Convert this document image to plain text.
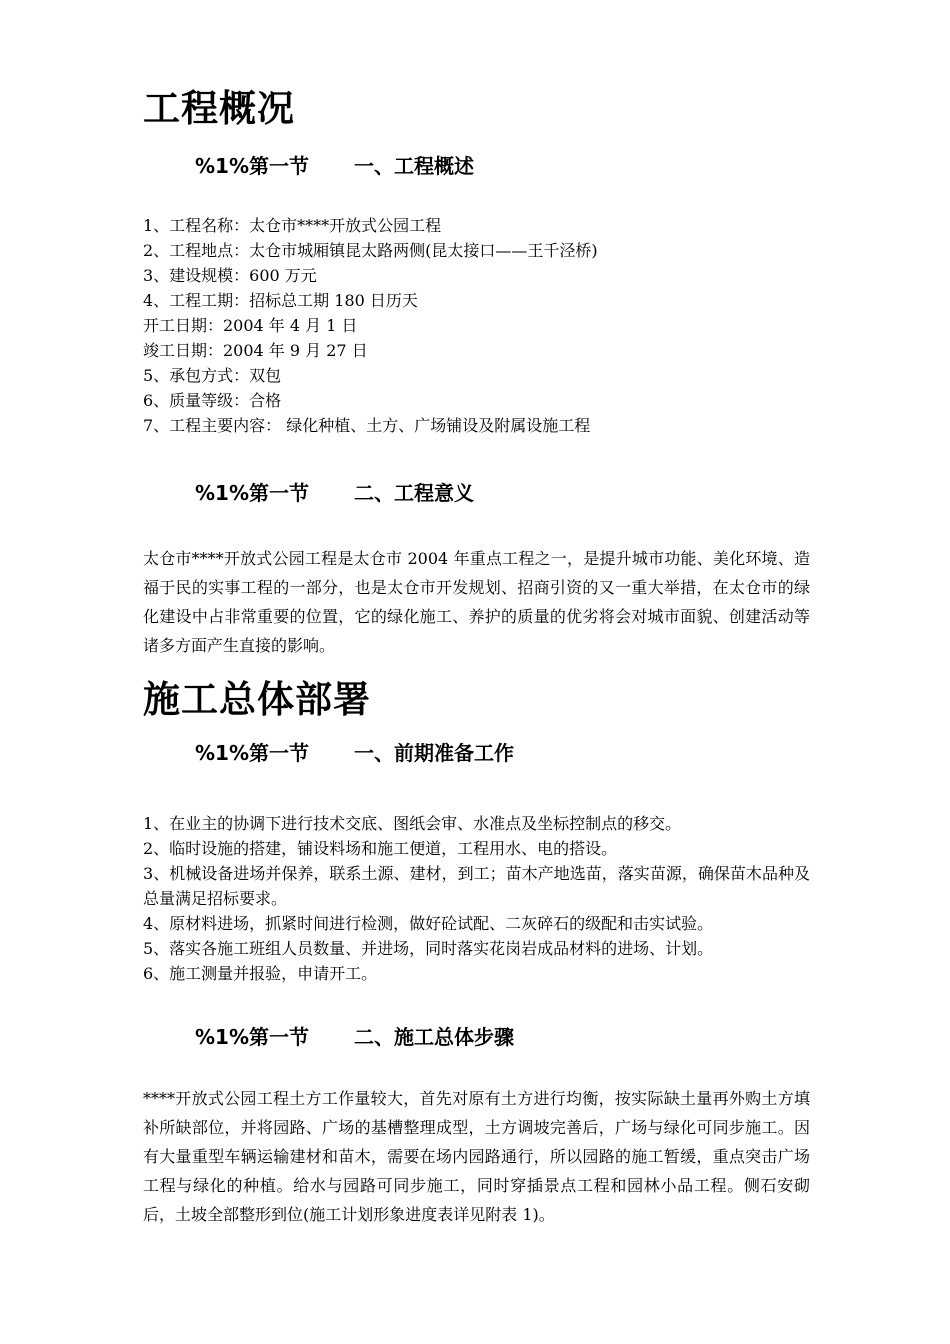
工程概况
%1%第一节 一、工程概述

1、工程名称：太仓市****开放式公园工程

2、工程地点：太仓市城厢镇昆太路两侧(昆太接口——王千泾桥)

3、建设规模：600 万元

4、工程工期：招标总工期 180 日历天

开工日期：2004 年 4 月 1 日

竣工日期：2004 年 9 月 27 日

5、承包方式：双包

6、质量等级：合格

7、工程主要内容： 绿化种植、土方、广场铺设及附属设施工程

%1%第一节 二、工程意义

太仓市****开放式公园工程是太仓市 2004 年重点工程之一，是提升城市功能、美化环境、造福于民的实事工程的一部分，也是太仓市开发规划、招商引资的又一重大举措，在太仓市的绿化建设中占非常重要的位置，它的绿化施工、养护的质量的优劣将会对城市面貌、创建活动等诸多方面产生直接的影响。

施工总体部署
%1%第一节 一、前期准备工作

1、在业主的协调下进行技术交底、图纸会审、水准点及坐标控制点的移交。

2、临时设施的搭建，铺设料场和施工便道，工程用水、电的搭设。

3、机械设备进场并保养，联系土源、建材，到工；苗木产地选苗，落实苗源，确保苗木品种及总量满足招标要求。

4、原材料进场，抓紧时间进行检测，做好砼试配、二灰碎石的级配和击实试验。

5、落实各施工班组人员数量、并进场，同时落实花岗岩成品材料的进场、计划。

6、施工测量并报验，申请开工。

%1%第一节 二、施工总体步骤

****开放式公园工程土方工作量较大，首先对原有土方进行均衡，按实际缺土量再外购土方填补所缺部位，并将园路、广场的基槽整理成型，土方调坡完善后，广场与绿化可同步施工。因有大量重型车辆运输建材和苗木，需要在场内园路通行，所以园路的施工暂缓，重点突击广场工程与绿化的种植。给水与园路可同步施工，同时穿插景点工程和园林小品工程。侧石安砌后，土坡全部整形到位(施工计划形象进度表详见附表 1)。
